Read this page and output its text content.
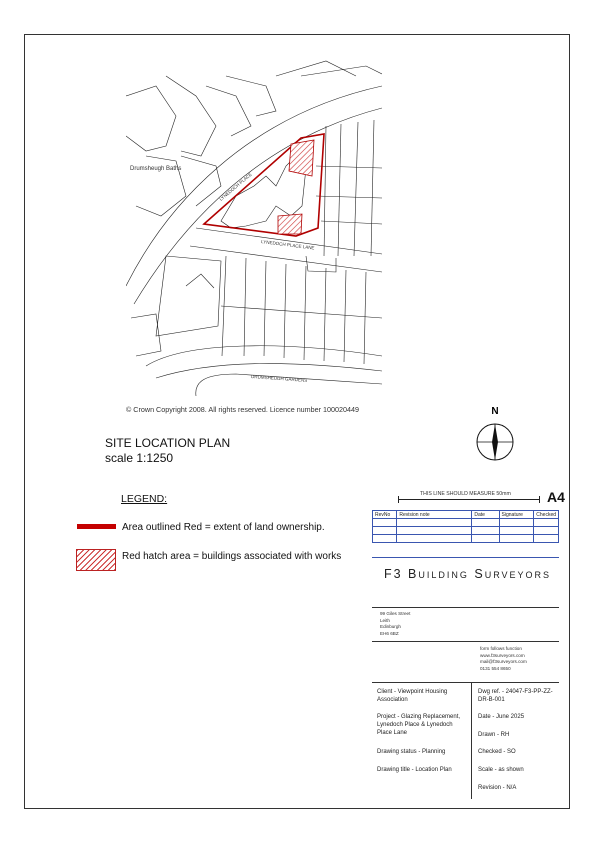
Drumsheugh Baths
LYNEDOCH PLACE
LYNEDOCH PLACE LANE
DRUMSHEUGH GARDENS
© Crown Copyright 2008. All rights reserved. Licence number 100020449
SITE LOCATION PLAN
scale 1:1250
N
LEGEND:
Area outlined Red = extent of land ownership.
Red hatch area = buildings associated with works
THIS LINE SHOULD MEASURE 50mm	A4
RevNo	Revision note	Date	Signature	Checked

F3 Building Surveyors
99 Giles Street
Leith
Edinburgh
EH6 6BZ
form follows function
www.f3surveyors.com
mail@f3surveyors.com
0131 554 8650
Client - Viewpoint Housing Association
Project - Glazing Replacement, Lynedoch Place & Lynedoch Place Lane
Drawing status - Planning
Drawing title - Location Plan
Dwg ref. - 24047-F3-PP-ZZ-DR-B-001
Date - June 2025
Drawn - RH
Checked - SO
Scale - as shown
Revision - N/A
